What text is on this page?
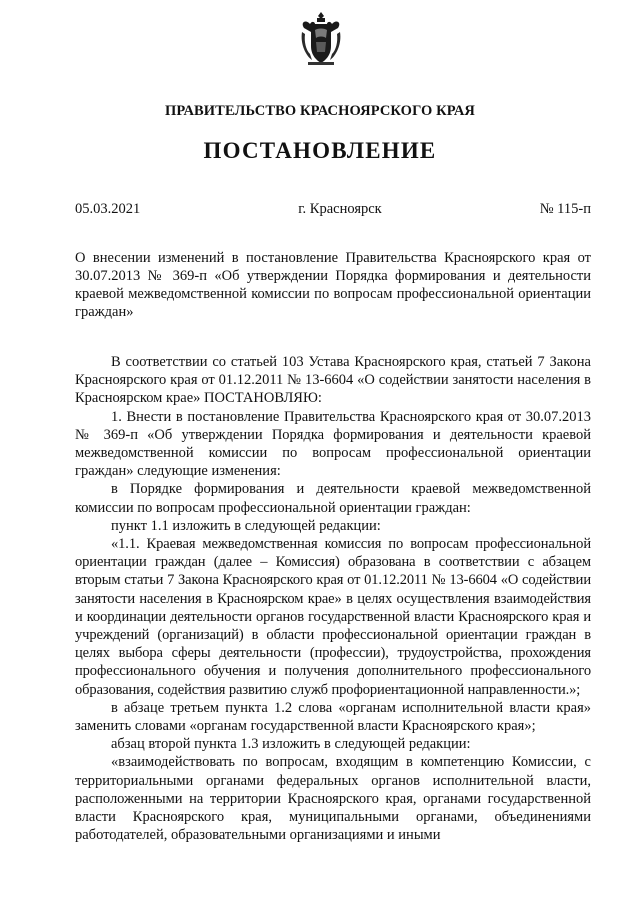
ПРАВИТЕЛЬСТВО КРАСНОЯРСКОГО КРАЯ
ПОСТАНОВЛЕНИЕ
05.03.2021	г. Красноярск	№ 115-п
О внесении изменений в постановление Правительства Красноярского края от 30.07.2013 № 369-п «Об утверждении Порядка формирования и деятельности краевой межведомственной комиссии по вопросам профессиональной ориентации граждан»

В соответствии со статьей 103 Устава Красноярского края, статьей 7 Закона Красноярского края от 01.12.2011 № 13-6604 «О содействии занятости населения в Красноярском крае» ПОСТАНОВЛЯЮ:

1. Внести в постановление Правительства Красноярского края от 30.07.2013 № 369-п «Об утверждении Порядка формирования и деятельности краевой межведомственной комиссии по вопросам профессиональной ориентации граждан» следующие изменения:

в Порядке формирования и деятельности краевой межведомственной комиссии по вопросам профессиональной ориентации граждан:

пункт 1.1 изложить в следующей редакции:

«1.1. Краевая межведомственная комиссия по вопросам профессиональной ориентации граждан (далее – Комиссия) образована в соответствии с абзацем вторым статьи 7 Закона Красноярского края от 01.12.2011 № 13-6604 «О содействии занятости населения в Красноярском крае» в целях осуществления взаимодействия и координации деятельности органов государственной власти Красноярского края и учреждений (организаций) в области профессиональной ориентации граждан в целях выбора сферы деятельности (профессии), трудоустройства, прохождения профессионального обучения и получения дополнительного профессионального образования, содействия развитию служб профориентационной направленности.»;

в абзаце третьем пункта 1.2 слова «органам исполнительной власти края» заменить словами «органам государственной власти Красноярского края»;

абзац второй пункта 1.3 изложить в следующей редакции:

«взаимодействовать по вопросам, входящим в компетенцию Комиссии, с территориальными органами федеральных органов исполнительной власти, расположенными на территории Красноярского края, органами государственной власти Красноярского края, муниципальными органами, объединениями работодателей, образовательными организациями и иными
